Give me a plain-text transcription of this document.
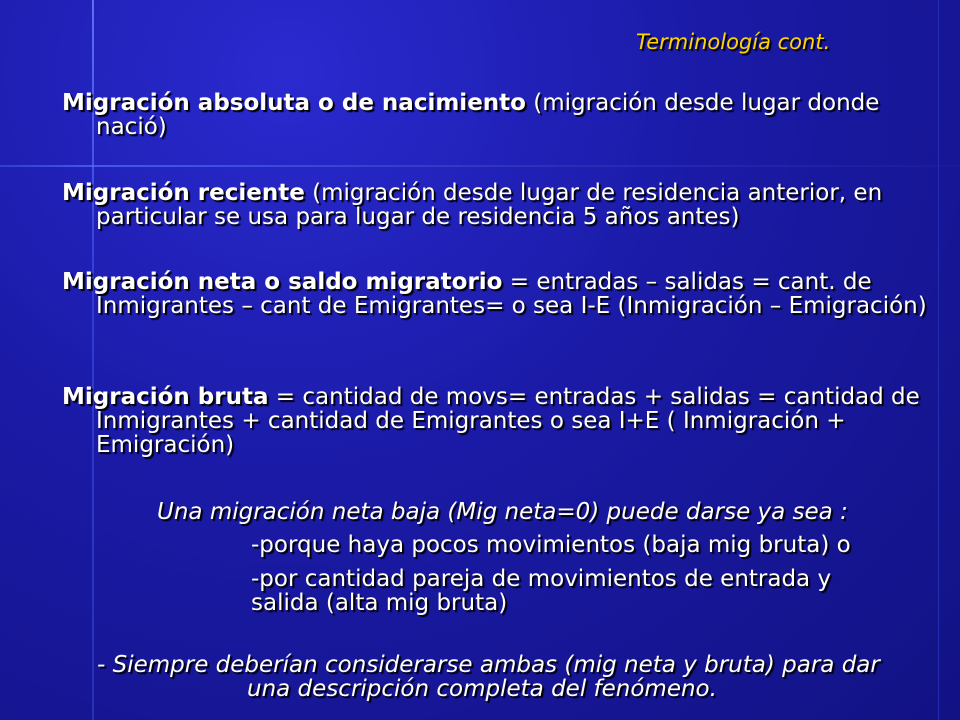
Terminología cont.
Migración absoluta o de nacimiento (migración desde lugar donde nació)
Migración reciente (migración desde lugar de residencia anterior, en particular se usa para lugar de residencia 5 años antes)
Migración neta o saldo migratorio = entradas – salidas = cant. de Inmigrantes – cant de Emigrantes= o sea I-E (Inmigración – Emigración)
Migración bruta = cantidad de movs= entradas + salidas = cantidad de Inmigrantes + cantidad de Emigrantes o sea I+E ( Inmigración + Emigración)
Una migración neta baja (Mig neta=0) puede darse ya sea :
-porque haya pocos movimientos (baja mig bruta) o
-por cantidad pareja de movimientos de entrada y salida (alta mig bruta)
- Siempre deberían considerarse ambas (mig neta y bruta) para daruna descripción completa del fenómeno.
